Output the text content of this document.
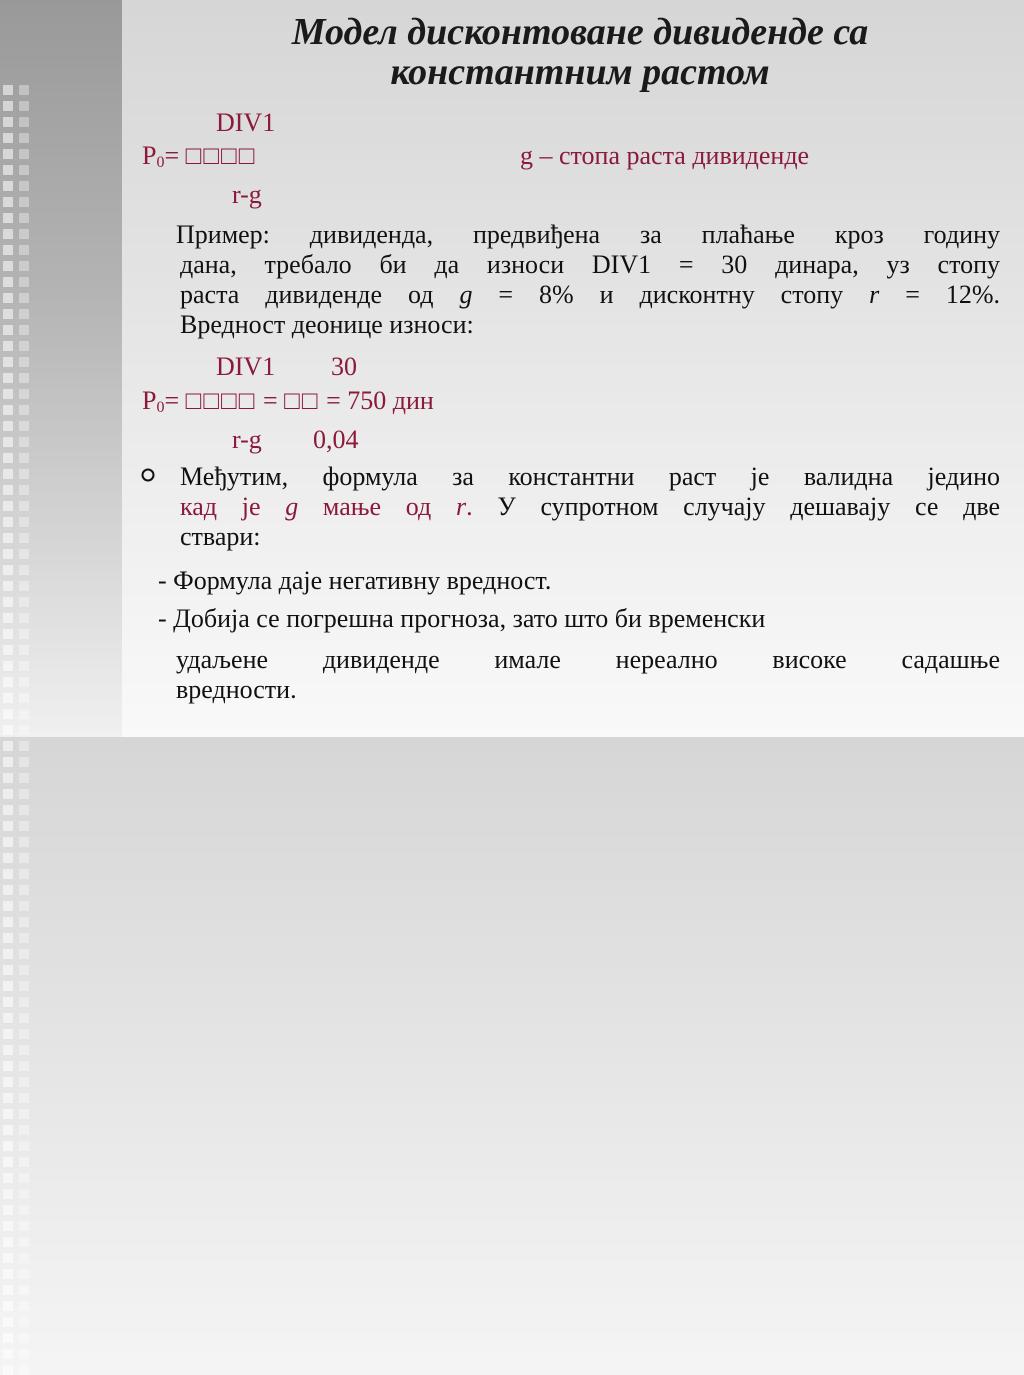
Модел дисконтоване дивиденде са
константним растом
DIV1
$P_0=$ □□□□	g – стопа раста дивиденде
r-g
Пример: дивиденда, предвиђена за плаћање кроз годину
дана, требало би да износи DIV1 = 30 динара, уз стопу
раста дивиденде од g = 8% и дисконтну стопу r = 12%.
Вредност деонице износи:
DIV1 30
$P_0=$ □□□□ = □□ = 750 дин
r-g 0,04
Међутим, формула за константни раст је валидна једино
кад је g мање од r. У супротном случају дешавају се две
ствари:
- Формула даје негативну вредност.
- Добија се погрешна прогноза, зато што би временски
удаљене дивиденде имале нереално високе садашње
вредности.
